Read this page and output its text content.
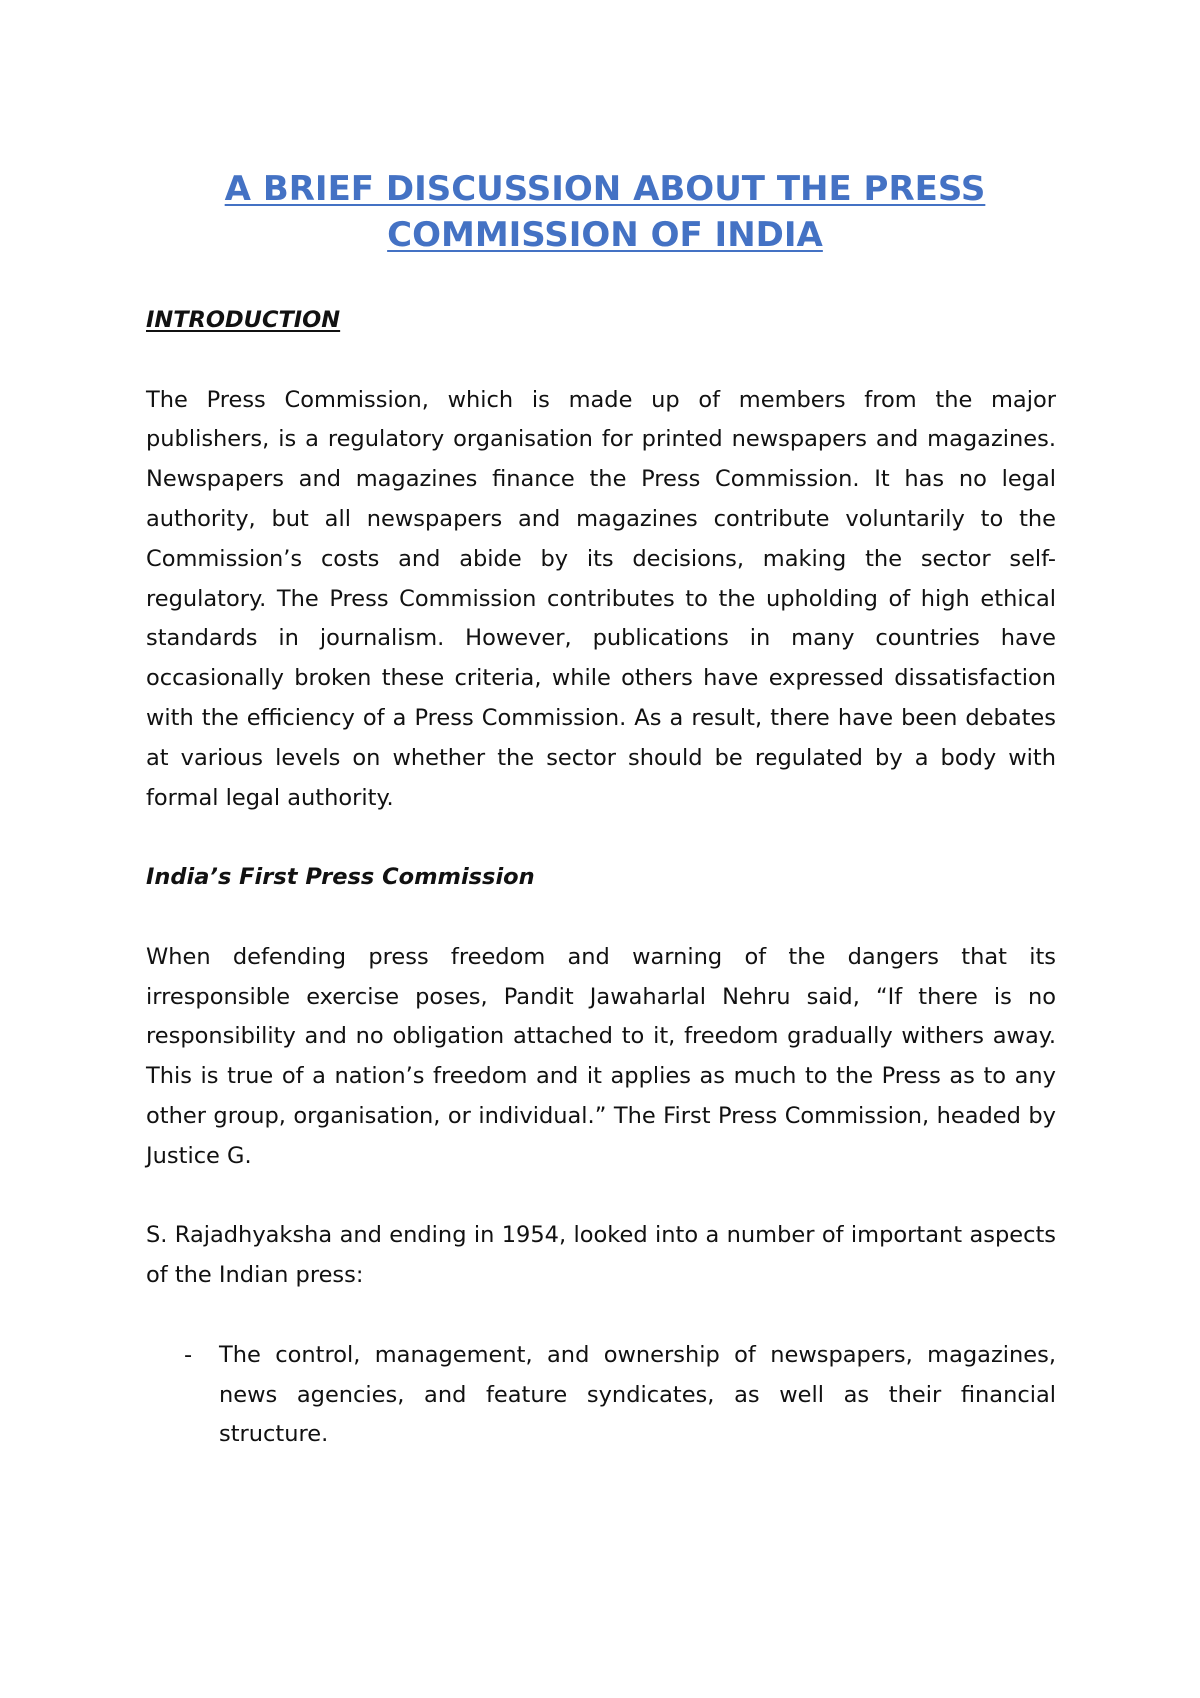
A BRIEF DISCUSSION ABOUT THE PRESS
COMMISSION OF INDIA
INTRODUCTION

The Press Commission, which is made up of members from the major publishers, is a regulatory organisation for printed newspapers and magazines. Newspapers and magazines finance the Press Commission. It has no legal authority, but all newspapers and magazines contribute voluntarily to the Commission’s costs and abide by its decisions, making the sector self-regulatory. The Press Commission contributes to the upholding of high ethical standards in journalism. However, publications in many countries have occasionally broken these criteria, while others have expressed dissatisfaction with the efficiency of a Press Commission. As a result, there have been debates at various levels on whether the sector should be regulated by a body with formal legal authority.

India’s First Press Commission

When defending press freedom and warning of the dangers that its irresponsible exercise poses, Pandit Jawaharlal Nehru said, “If there is no responsibility and no obligation attached to it, freedom gradually withers away. This is true of a nation’s freedom and it applies as much to the Press as to any other group, organisation, or individual.” The First Press Commission, headed by Justice G.

S. Rajadhyaksha and ending in 1954, looked into a number of important aspects of the Indian press:

- The control, management, and ownership of newspapers, magazines, news agencies, and feature syndicates, as well as their financial structure.
